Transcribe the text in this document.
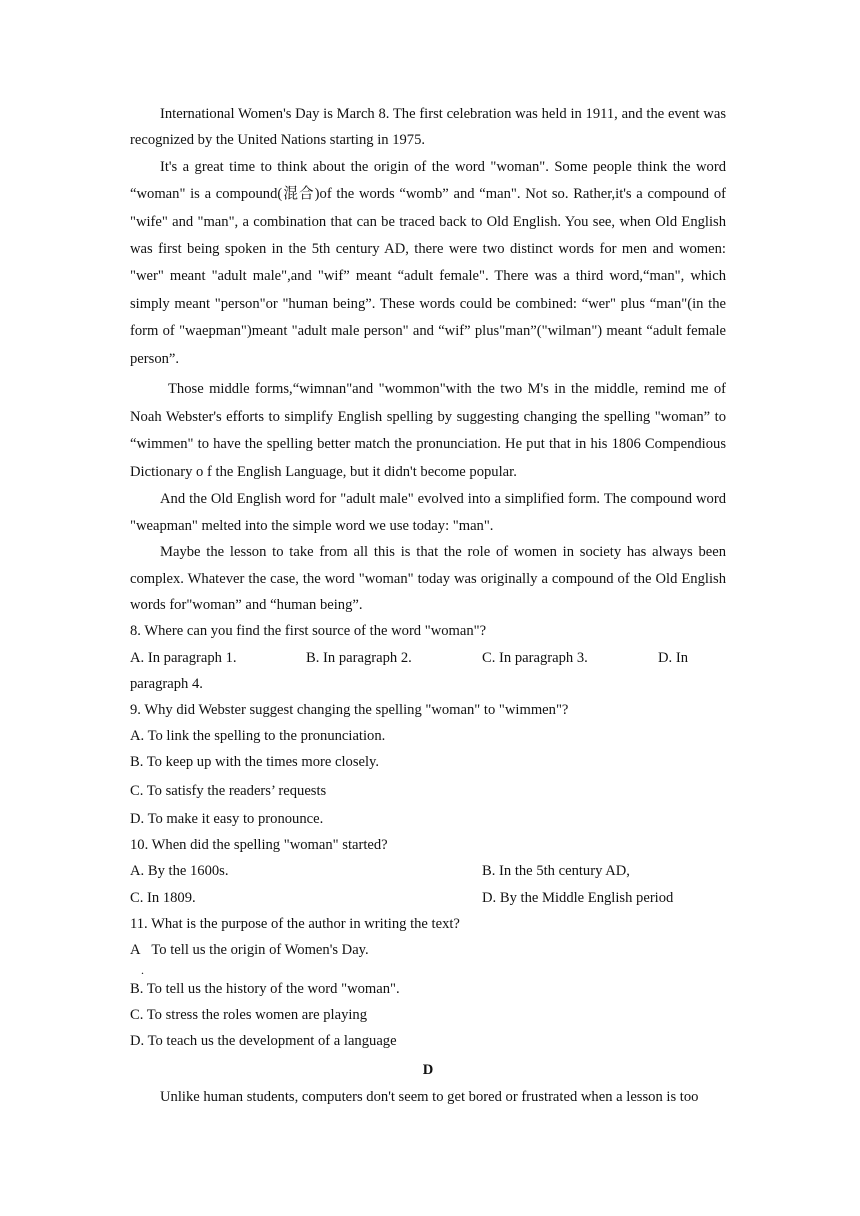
International Women's Day is March 8. The first celebration was held in 1911, and the event was recognized by the United Nations starting in 1975.

It's a great time to think about the origin of the word "woman". Some people think the word “woman" is a compound(混合)of the words “womb” and “man". Not so. Rather,it's a compound of "wife" and "man", a combination that can be traced back to Old English. You see, when Old English was first being spoken in the 5th century AD, there were two distinct words for men and women: "wer" meant "adult male",and "wif” meant “adult female". There was a third word,“man", which simply meant "person"or "human being”. These words could be combined: “wer" plus “man"(in the form of "waepman")meant "adult male person" and “wif” plus"man”("wilman") meant “adult female person”.

Those middle forms,“wimnan"and "wommon"with the two M's in the middle, remind me of Noah Webster's efforts to simplify English spelling by suggesting changing the spelling "woman” to “wimmen" to have the spelling better match the pronunciation. He put that in his 1806 Compendious Dictionary o f the English Language, but it didn't become popular.

And the Old English word for "adult male" evolved into a simplified form. The compound word "weapman" melted into the simple word we use today: "man".

Maybe the lesson to take from all this is that the role of women in society has always been complex. Whatever the case, the word "woman" today was originally a compound of the Old English words for"woman” and “human being”.

8. Where can you find the first source of the word "woman"?

A. In paragraph 1.	B. In paragraph 2.	C. In paragraph 3.	D. In
paragraph 4.

9. Why did Webster suggest changing the spelling "woman" to "wimmen"?

A. To link the spelling to the pronunciation.
B. To keep up with the times more closely.
C. To satisfy the readers’ requests
D. To make it easy to pronounce.

10. When did the spelling "woman" started?

A. By the 1600s.	B. In the 5th century AD,
C. In 1809.	D. By the Middle English period

11. What is the purpose of the author in writing the text?

A
.
To tell us the origin of Women's Day.
B. To tell us the history of the word "woman".
C. To stress the roles women are playing
D. To teach us the development of a language
D

Unlike human students, computers don't seem to get bored or frustrated when a lesson is too
